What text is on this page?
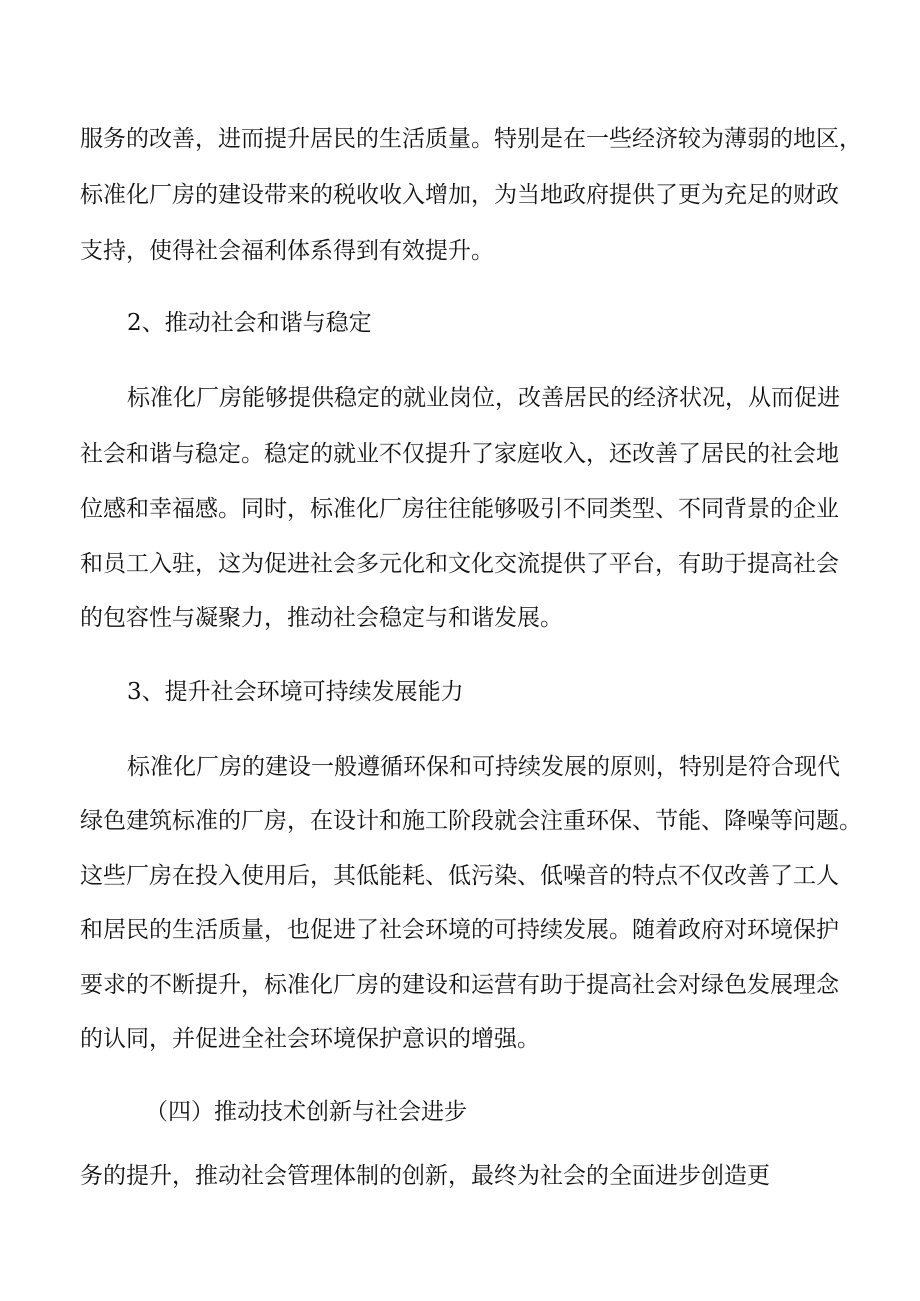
服务的改善，进而提升居民的生活质量。特别是在一些经济较为薄弱的地区，
标准化厂房的建设带来的税收收入增加，为当地政府提供了更为充足的财政
支持，使得社会福利体系得到有效提升。
2、推动社会和谐与稳定
标准化厂房能够提供稳定的就业岗位，改善居民的经济状况，从而促进
社会和谐与稳定。稳定的就业不仅提升了家庭收入，还改善了居民的社会地
位感和幸福感。同时，标准化厂房往往能够吸引不同类型、不同背景的企业
和员工入驻，这为促进社会多元化和文化交流提供了平台，有助于提高社会
的包容性与凝聚力，推动社会稳定与和谐发展。
3、提升社会环境可持续发展能力
标准化厂房的建设一般遵循环保和可持续发展的原则，特别是符合现代
绿色建筑标准的厂房，在设计和施工阶段就会注重环保、节能、降噪等问题。
这些厂房在投入使用后，其低能耗、低污染、低噪音的特点不仅改善了工人
和居民的生活质量，也促进了社会环境的可持续发展。随着政府对环境保护
要求的不断提升，标准化厂房的建设和运营有助于提高社会对绿色发展理念
的认同，并促进全社会环境保护意识的增强。
（四）推动技术创新与社会进步
务的提升，推动社会管理体制的创新，最终为社会的全面进步创造更
